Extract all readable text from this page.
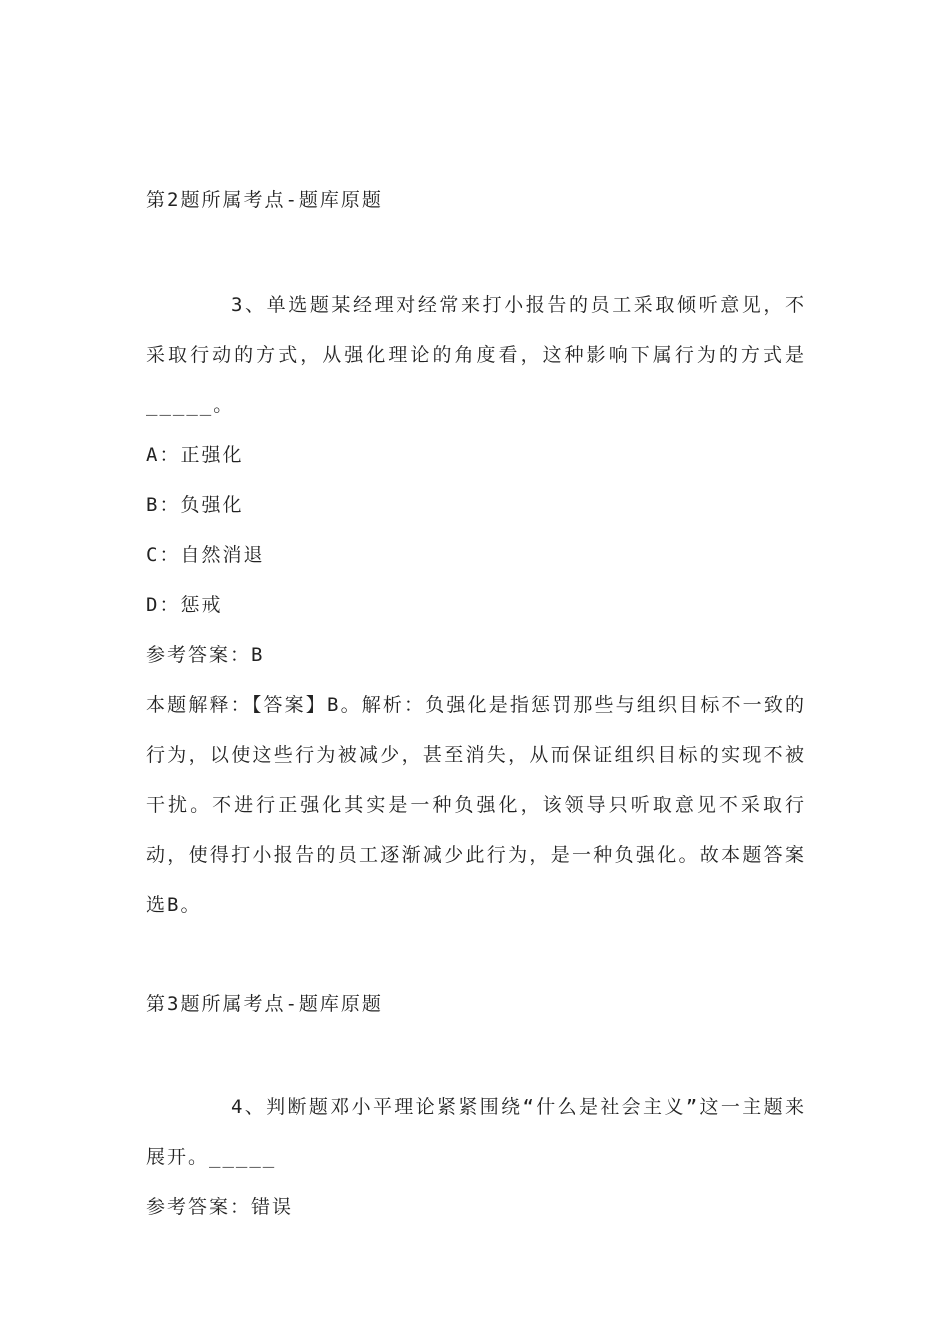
第2题所属考点-题库原题

3、单选题某经理对经常来打小报告的员工采取倾听意见，不采取行动的方式，从强化理论的角度看，这种影响下属行为的方式是_____。

A：正强化

B：负强化

C：自然消退

D：惩戒

参考答案：B

本题解释：【答案】B。解析：负强化是指惩罚那些与组织目标不一致的行为，以使这些行为被减少，甚至消失，从而保证组织目标的实现不被干扰。不进行正强化其实是一种负强化，该领导只听取意见不采取行动，使得打小报告的员工逐渐减少此行为，是一种负强化。故本题答案选B。

第3题所属考点-题库原题

4、判断题邓小平理论紧紧围绕“什么是社会主义”这一主题来展开。_____

参考答案：错误
